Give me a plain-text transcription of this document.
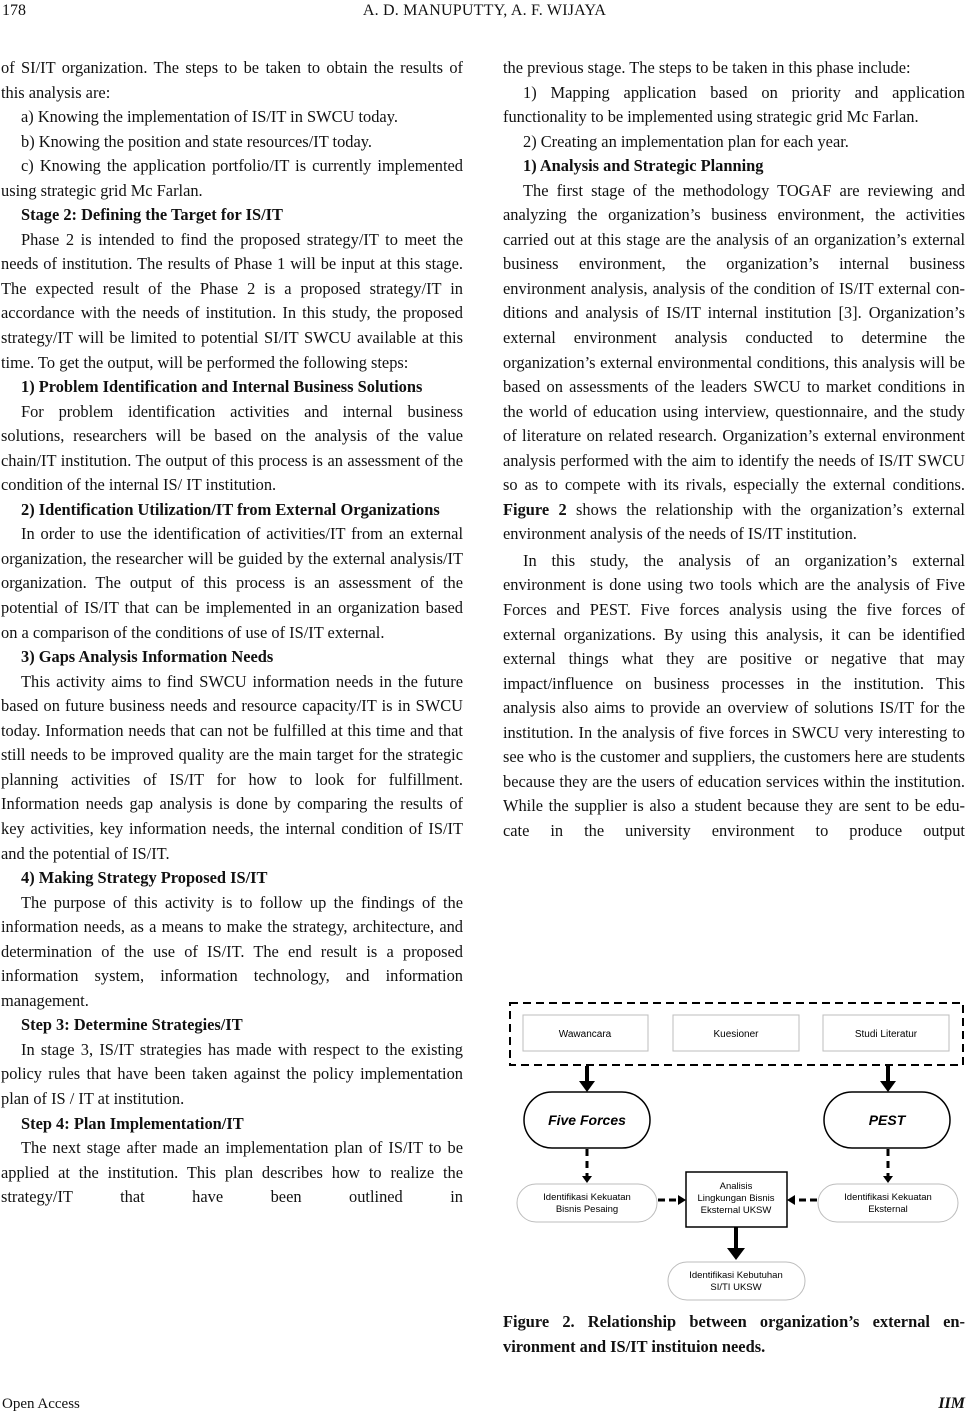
178	A. D. MANUPUTTY, A. F. WIJAYA

of SI/IT organization. The steps to be taken to obtain the results of this analysis are:

a) Knowing the implementation of IS/IT in SWCU today.

b) Knowing the position and state resources/IT today.

c) Knowing the application portfolio/IT is currently implemented using strategic grid Mc Farlan.

Stage 2: Defining the Target for IS/IT

Phase 2 is intended to find the proposed strategy/IT to meet the needs of institution. The results of Phase 1 will be input at this stage. The expected result of the Phase 2 is a proposed strategy/IT in accordance with the needs of institution. In this study, the proposed strategy/IT will be limited to potential SI/IT SWCU available at this time. To get the output, will be performed the following steps:

1) Problem Identification and Internal Business Solutions

For problem identification activities and internal business solutions, researchers will be based on the analysis of the value chain/IT institution. The output of this process is an assessment of the condition of the internal IS/ IT institution.

2) Identification Utilization/IT from External Organizations

In order to use the identification of activities/IT from an external organization, the researcher will be guided by the external analysis/IT organization. The output of this process is an assessment of the potential of IS/IT that can be implemented in an organization based on a comparison of the conditions of use of IS/IT external.

3) Gaps Analysis Information Needs

This activity aims to find SWCU information needs in the future based on future business needs and resource capacity/IT is in SWCU today. Information needs that can not be fulfilled at this time and that still needs to be improved quality are the main target for the strategic planning activities of IS/IT for how to look for fulfillment. Information needs gap analysis is done by comparing the results of key activities, key information needs, the internal condition of IS/IT and the potential of IS/IT.

4) Making Strategy Proposed IS/IT

The purpose of this activity is to follow up the findings of the information needs, as a means to make the strategy, architecture, and determination of the use of IS/IT. The end result is a proposed information system, information technology, and information management.

Step 3: Determine Strategies/IT

In stage 3, IS/IT strategies has made with respect to the existing policy rules that have been taken against the policy implementation plan of IS / IT at institution.

Step 4: Plan Implementation/IT

The next stage after made an implementation plan of IS/IT to be applied at the institution. This plan describes how to realize the strategy/IT that have been outlined in

the previous stage. The steps to be taken in this phase include:

1) Mapping application based on priority and application functionality to be implemented using strategic grid Mc Farlan.

2) Creating an implementation plan for each year.

1) Analysis and Strategic Planning

The first stage of the methodology TOGAF are reviewing and analyzing the organization’s business environment, the activities carried out at this stage are the analysis of an organization’s external business environment, the organization’s internal business environment analysis, analysis of the condition of IS/IT external conditions and analysis of IS/IT internal institution [3]. Organization’s external environment analysis conducted to determine the organization’s external environmental conditions, this analysis will be based on assessments of the leaders SWCU to market conditions in the world of education using interview, questionnaire, and the study of literature on related research. Organization’s external environment analysis performed with the aim to identify the needs of IS/IT SWCU so as to compete with its rivals, especially the external conditions. Figure 2 shows the relationship with the organization’s external environment analysis of the needs of IS/IT institution.

In this study, the analysis of an organization’s external environment is done using two tools which are the analysis of Five Forces and PEST. Five forces analysis using the five forces of external organizations. By using this analysis, it can be identified external things what they are positive or negative that may impact/influence on business processes in the institution. This analysis also aims to provide an overview of solutions IS/IT for the institution. In the analysis of five forces in SWCU very interesting to see who is the customer and suppliers, the customers here are students because they are the users of education services within the institution. While the supplier is also a student because they are sent to be educate in the university environment to produce output

Wawancara	Kuesioner	Studi Literatur
Five Forces	PEST
Identifikasi Kekuatan
Bisnis Pesaing
Identifikasi Kekuatan
Eksternal
Analisis
Lingkungan Bisnis
Eksternal UKSW
Identifikasi Kebutuhan
SI/TI UKSW
Figure 2. Relationship between organization’s external environment and IS/IT instituion needs.
Open Access	IIM
